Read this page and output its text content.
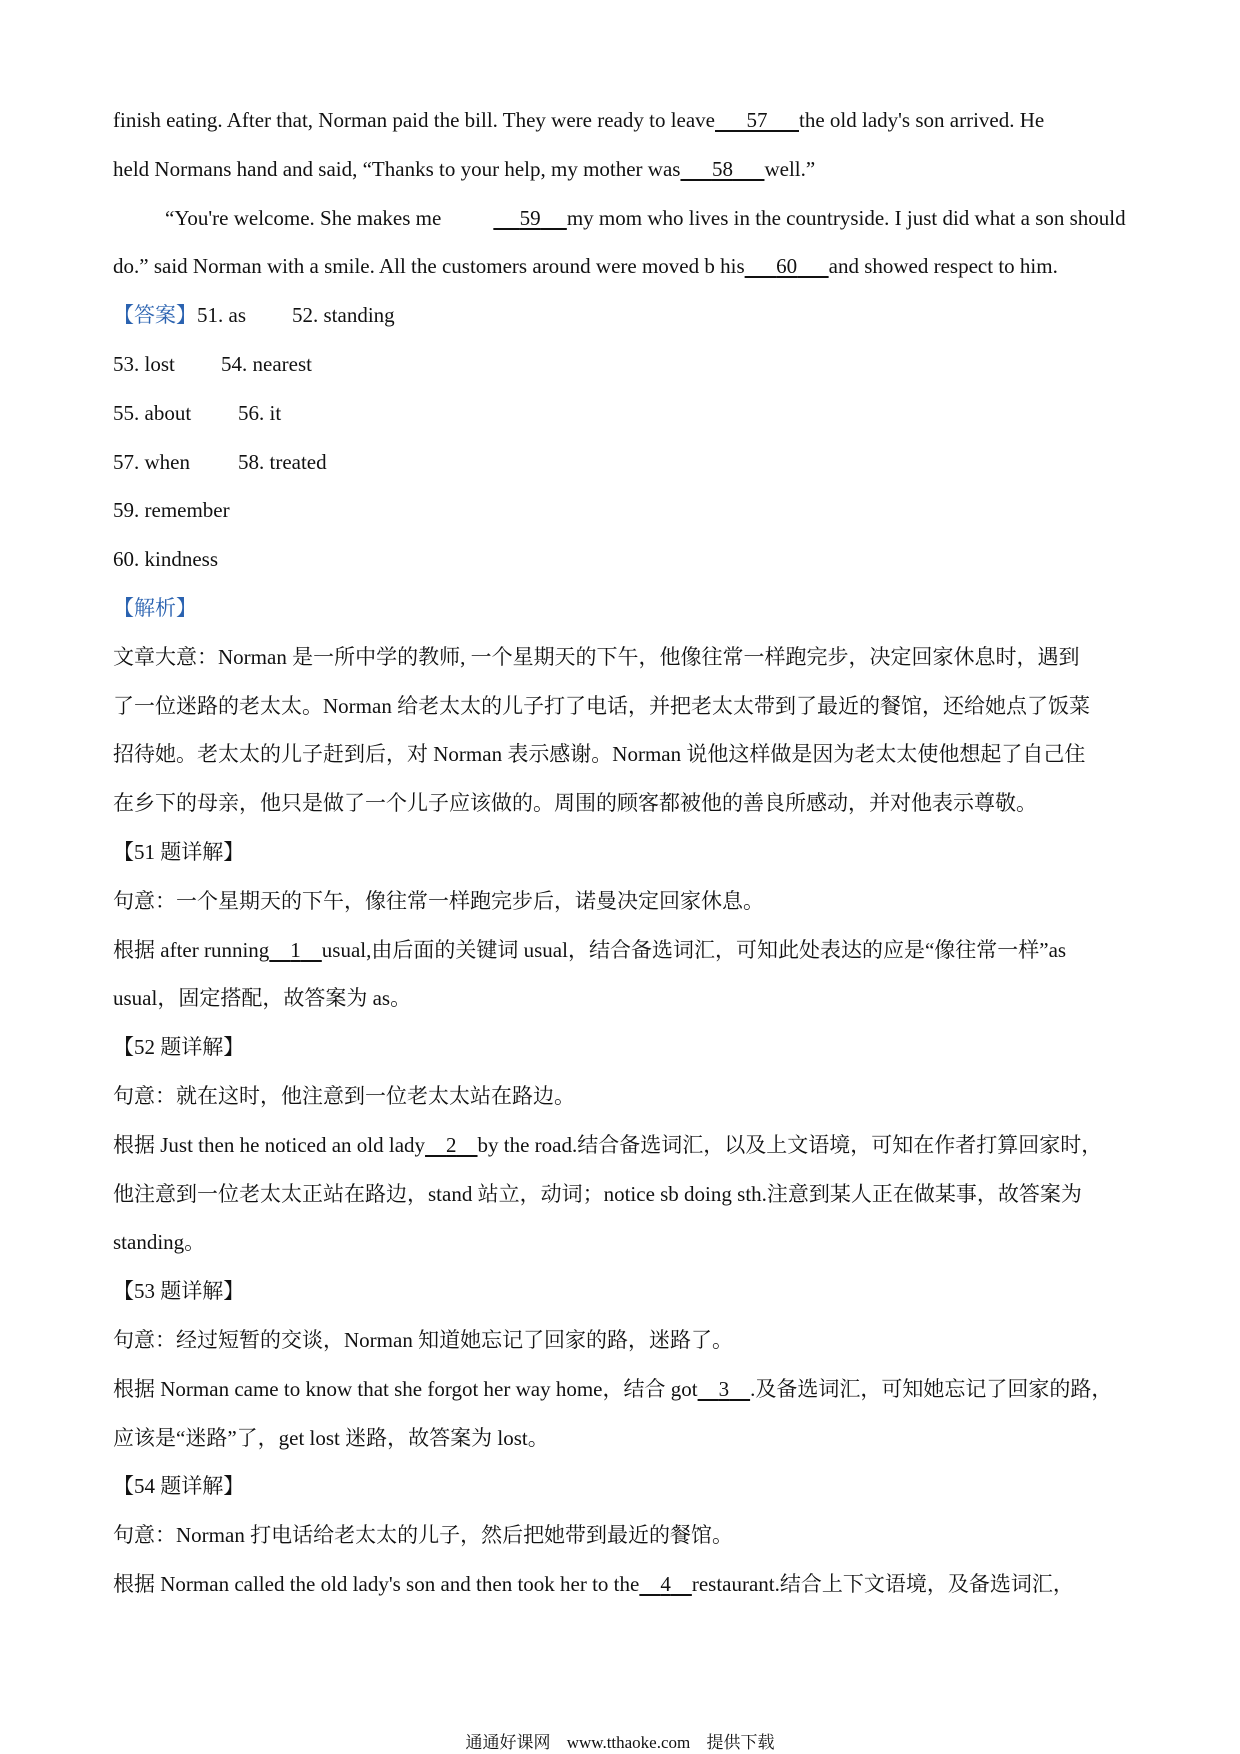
finish eating. After that, Norman paid the bill. They were ready to leave 57 the old lady's son arrived. He
held Normans hand and said, “Thanks to your help, my mother was 58 well.”
“You're welcome. She makes me	59 my mom who lives in the countryside. I just did what a son should
do.” said Norman with a smile. All the customers around were moved b his 60 and showed respect to him.
【答案】51. as 52. standing
53. lost 54. nearest
55. about 56. it
57. when 58. treated
59. remember
60. kindness
【解析】
文章大意：Norman 是一所中学的教师, 一个星期天的下午，他像往常一样跑完步，决定回家休息时，遇到
了一位迷路的老太太。Norman 给老太太的儿子打了电话，并把老太太带到了最近的餐馆，还给她点了饭菜
招待她。老太太的儿子赶到后，对 Norman 表示感谢。Norman 说他这样做是因为老太太使他想起了自己住
在乡下的母亲，他只是做了一个儿子应该做的。周围的顾客都被他的善良所感动，并对他表示尊敬。
【51 题详解】
句意：一个星期天的下午，像往常一样跑完步后，诺曼决定回家休息。
根据 after running 1 usual,由后面的关键词 usual，结合备选词汇，可知此处表达的应是“像往常一样”as
usual，固定搭配，故答案为 as。
【52 题详解】
句意：就在这时，他注意到一位老太太站在路边。
根据 Just then he noticed an old lady 2 by the road.结合备选词汇，以及上文语境，可知在作者打算回家时，
他注意到一位老太太正站在路边，stand 站立，动词；notice sb doing sth.注意到某人正在做某事，故答案为
standing。
【53 题详解】
句意：经过短暂的交谈，Norman 知道她忘记了回家的路，迷路了。
根据 Norman came to know that she forgot her way home，结合 got 3 .及备选词汇，可知她忘记了回家的路，
应该是“迷路”了，get lost 迷路，故答案为 lost。
【54 题详解】
句意：Norman 打电话给老太太的儿子，然后把她带到最近的餐馆。
根据 Norman called the old lady's son and then took her to the 4 restaurant.结合上下文语境，及备选词汇，
通通好课网 www.tthaoke.com 提供下载
